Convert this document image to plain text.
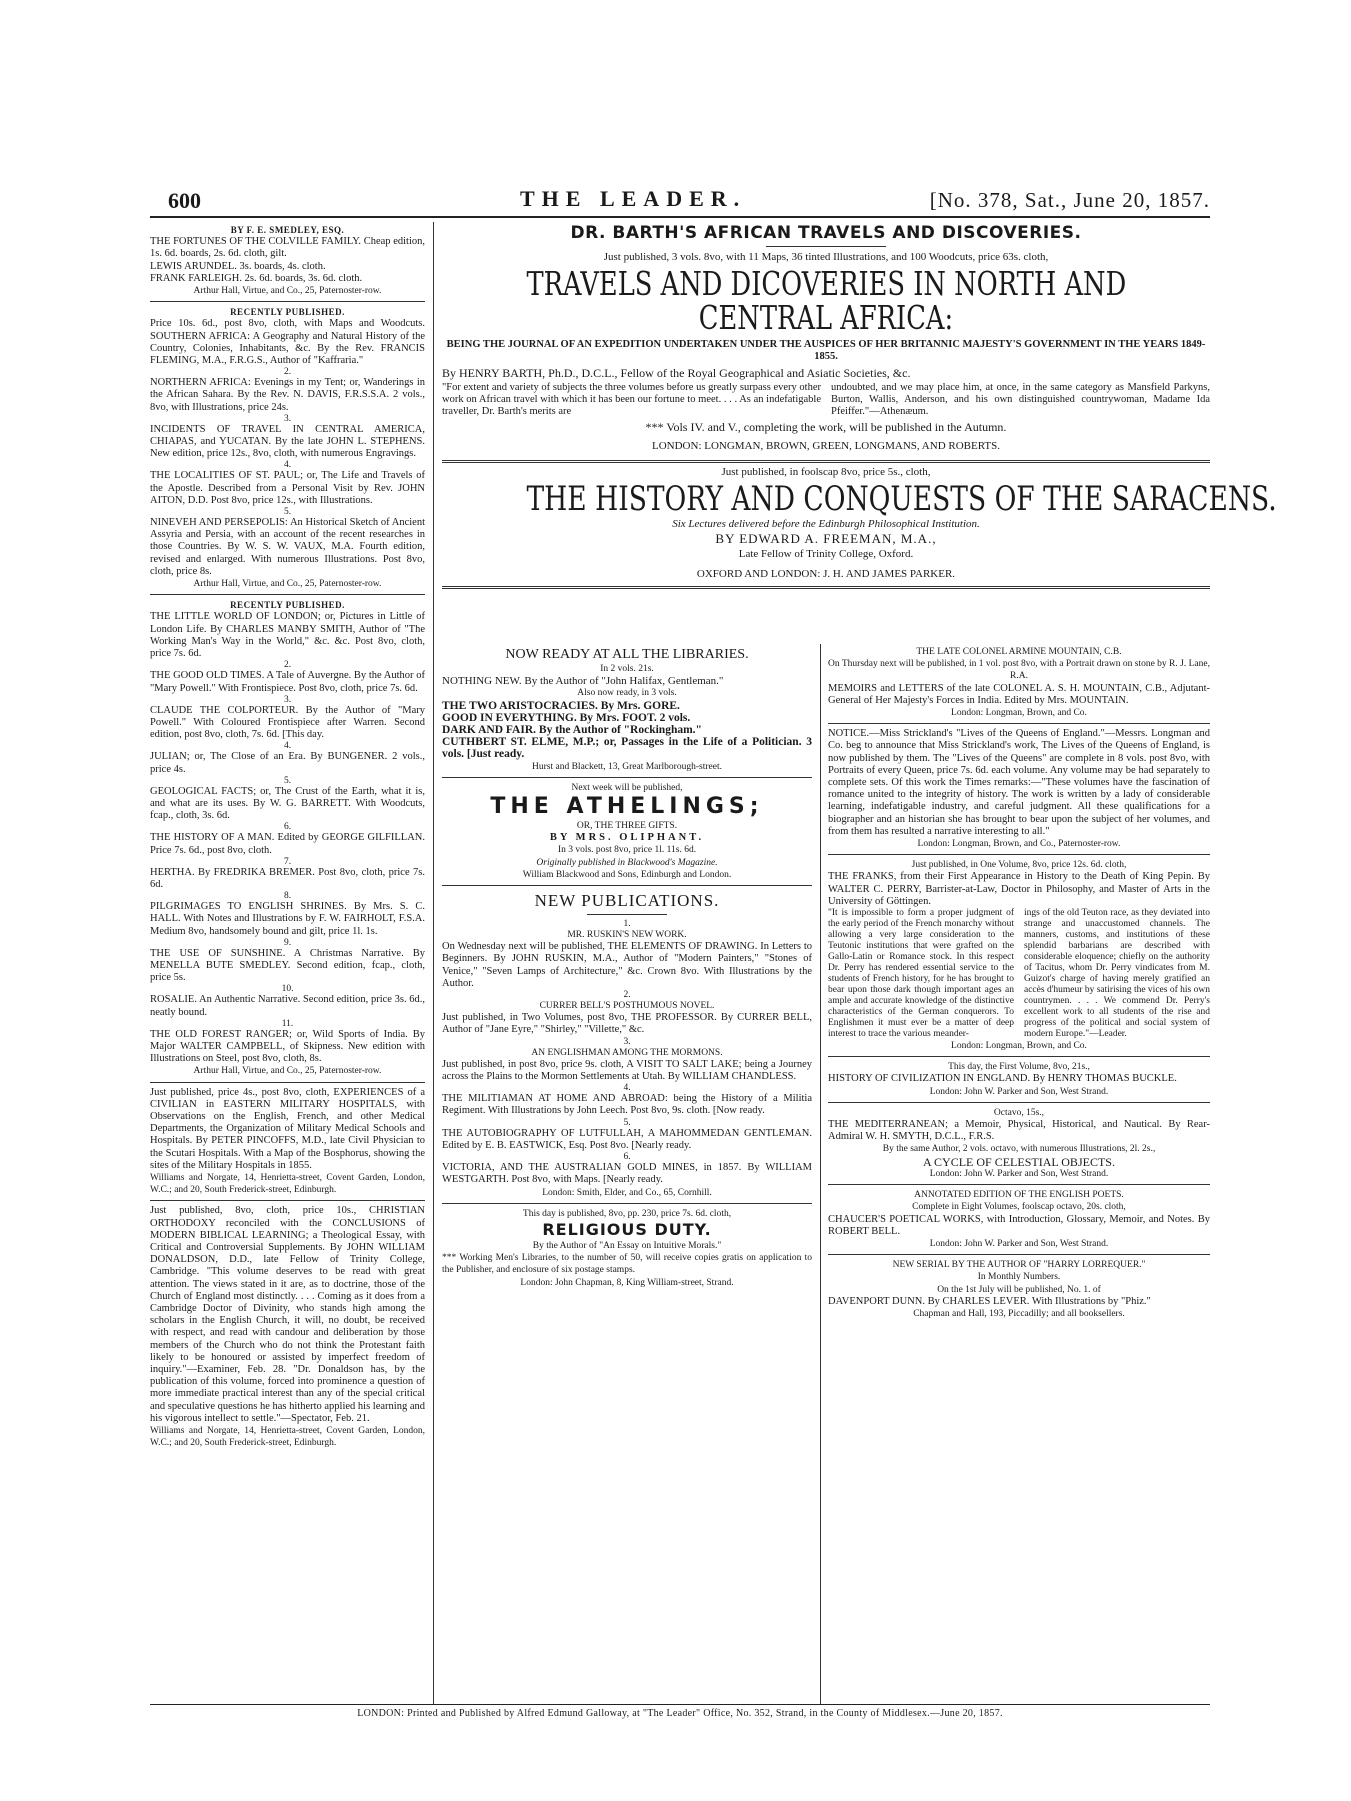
600	THE LEADER.	[No. 378, Sat., June 20, 1857.

BY F. E. SMEDLEY, ESQ.

THE FORTUNES OF THE COLVILLE FAMILY. Cheap edition, 1s. 6d. boards, 2s. 6d. cloth, gilt.

LEWIS ARUNDEL. 3s. boards, 4s. cloth.

FRANK FARLEIGH. 2s. 6d. boards, 3s. 6d. cloth.

Arthur Hall, Virtue, and Co., 25, Paternoster-row.

RECENTLY PUBLISHED.

Price 10s. 6d., post 8vo, cloth, with Maps and Woodcuts. SOUTHERN AFRICA: A Geography and Natural History of the Country, Colonies, Inhabitants, &c. By the Rev. FRANCIS FLEMING, M.A., F.R.G.S., Author of "Kaffraria."

2.

NORTHERN AFRICA: Evenings in my Tent; or, Wanderings in the African Sahara. By the Rev. N. DAVIS, F.R.S.S.A. 2 vols., 8vo, with Illustrations, price 24s.

3.

INCIDENTS OF TRAVEL IN CENTRAL AMERICA, CHIAPAS, and YUCATAN. By the late JOHN L. STEPHENS. New edition, price 12s., 8vo, cloth, with numerous Engravings.

4.

THE LOCALITIES OF ST. PAUL; or, The Life and Travels of the Apostle. Described from a Personal Visit by Rev. JOHN AITON, D.D. Post 8vo, price 12s., with Illustrations.

5.

NINEVEH AND PERSEPOLIS: An Historical Sketch of Ancient Assyria and Persia, with an account of the recent researches in those Countries. By W. S. W. VAUX, M.A. Fourth edition, revised and enlarged. With numerous Illustrations. Post 8vo, cloth, price 8s.

Arthur Hall, Virtue, and Co., 25, Paternoster-row.

RECENTLY PUBLISHED.

THE LITTLE WORLD OF LONDON; or, Pictures in Little of London Life. By CHARLES MANBY SMITH, Author of "The Working Man's Way in the World," &c. &c. Post 8vo, cloth, price 7s. 6d.

2.

THE GOOD OLD TIMES. A Tale of Auvergne. By the Author of "Mary Powell." With Frontispiece. Post 8vo, cloth, price 7s. 6d.

3.

CLAUDE THE COLPORTEUR. By the Author of "Mary Powell." With Coloured Frontispiece after Warren. Second edition, post 8vo, cloth, 7s. 6d. [This day.

4.

JULIAN; or, The Close of an Era. By BUNGENER. 2 vols., price 4s.

5.

GEOLOGICAL FACTS; or, The Crust of the Earth, what it is, and what are its uses. By W. G. BARRETT. With Woodcuts, fcap., cloth, 3s. 6d.

6.

THE HISTORY OF A MAN. Edited by GEORGE GILFILLAN. Price 7s. 6d., post 8vo, cloth.

7.

HERTHA. By FREDRIKA BREMER. Post 8vo, cloth, price 7s. 6d.

8.

PILGRIMAGES TO ENGLISH SHRINES. By Mrs. S. C. HALL. With Notes and Illustrations by F. W. FAIRHOLT, F.S.A. Medium 8vo, handsomely bound and gilt, price 1l. 1s.

9.

THE USE OF SUNSHINE. A Christmas Narrative. By MENELLA BUTE SMEDLEY. Second edition, fcap., cloth, price 5s.

10.

ROSALIE. An Authentic Narrative. Second edition, price 3s. 6d., neatly bound.

11.

THE OLD FOREST RANGER; or, Wild Sports of India. By Major WALTER CAMPBELL, of Skipness. New edition with Illustrations on Steel, post 8vo, cloth, 8s.

Arthur Hall, Virtue, and Co., 25, Paternoster-row.

Just published, price 4s., post 8vo, cloth, EXPERIENCES of a CIVILIAN in EASTERN MILITARY HOSPITALS, with Observations on the English, French, and other Medical Departments, the Organization of Military Medical Schools and Hospitals. By PETER PINCOFFS, M.D., late Civil Physician to the Scutari Hospitals. With a Map of the Bosphorus, showing the sites of the Military Hospitals in 1855.

Williams and Norgate, 14, Henrietta-street, Covent Garden, London, W.C.; and 20, South Frederick-street, Edinburgh.

Just published, 8vo, cloth, price 10s., CHRISTIAN ORTHODOXY reconciled with the CONCLUSIONS of MODERN BIBLICAL LEARNING; a Theological Essay, with Critical and Controversial Supplements. By JOHN WILLIAM DONALDSON, D.D., late Fellow of Trinity College, Cambridge. "This volume deserves to be read with great attention. The views stated in it are, as to doctrine, those of the Church of England most distinctly. . . . Coming as it does from a Cambridge Doctor of Divinity, who stands high among the scholars in the English Church, it will, no doubt, be received with respect, and read with candour and deliberation by those members of the Church who do not think the Protestant faith likely to be honoured or assisted by imperfect freedom of inquiry."—Examiner, Feb. 28. "Dr. Donaldson has, by the publication of this volume, forced into prominence a question of more immediate practical interest than any of the special critical and speculative questions he has hitherto applied his learning and his vigorous intellect to settle."—Spectator, Feb. 21.

Williams and Norgate, 14, Henrietta-street, Covent Garden, London, W.C.; and 20, South Frederick-street, Edinburgh.

DR. BARTH'S AFRICAN TRAVELS AND DISCOVERIES.

Just published, 3 vols. 8vo, with 11 Maps, 36 tinted Illustrations, and 100 Woodcuts, price 63s. cloth,

TRAVELS AND DICOVERIES IN NORTH AND

CENTRAL AFRICA:

BEING THE JOURNAL OF AN EXPEDITION UNDERTAKEN UNDER THE AUSPICES OF HER BRITANNIC MAJESTY'S GOVERNMENT IN THE YEARS 1849-1855.

By HENRY BARTH, Ph.D., D.C.L., Fellow of the Royal Geographical and Asiatic Societies, &c.

"For extent and variety of subjects the three volumes before us greatly surpass every other work on African travel with which it has been our fortune to meet. . . . As an indefatigable traveller, Dr. Barth's merits are
undoubted, and we may place him, at once, in the same category as Mansfield Parkyns, Burton, Wallis, Anderson, and his own distinguished countrywoman, Madame Ida Pfeiffer."—Athenæum.

*** Vols IV. and V., completing the work, will be published in the Autumn.

LONDON: LONGMAN, BROWN, GREEN, LONGMANS, AND ROBERTS.

Just published, in foolscap 8vo, price 5s., cloth,

THE HISTORY AND CONQUESTS OF THE SARACENS.

Six Lectures delivered before the Edinburgh Philosophical Institution.

BY EDWARD A. FREEMAN, M.A.,

Late Fellow of Trinity College, Oxford.

OXFORD AND LONDON: J. H. AND JAMES PARKER.

NOW READY AT ALL THE LIBRARIES.

In 2 vols. 21s.

NOTHING NEW. By the Author of "John Halifax, Gentleman."

Also now ready, in 3 vols.

THE TWO ARISTOCRACIES. By Mrs. GORE.

GOOD IN EVERYTHING. By Mrs. FOOT. 2 vols.

DARK AND FAIR. By the Author of "Rockingham."

CUTHBERT ST. ELME, M.P.; or, Passages in the Life of a Politician. 3 vols. [Just ready.

Hurst and Blackett, 13, Great Marlborough-street.

Next week will be published,

THE ATHELINGS;

OR, THE THREE GIFTS.

BY MRS. OLIPHANT.

In 3 vols. post 8vo, price 1l. 11s. 6d.

Originally published in Blackwood's Magazine.

William Blackwood and Sons, Edinburgh and London.

NEW PUBLICATIONS.

1.

MR. RUSKIN'S NEW WORK.

On Wednesday next will be published, THE ELEMENTS OF DRAWING. In Letters to Beginners. By JOHN RUSKIN, M.A., Author of "Modern Painters," "Stones of Venice," "Seven Lamps of Architecture," &c. Crown 8vo. With Illustrations by the Author.

2.

CURRER BELL'S POSTHUMOUS NOVEL.

Just published, in Two Volumes, post 8vo, THE PROFESSOR. By CURRER BELL, Author of "Jane Eyre," "Shirley," "Villette," &c.

3.

AN ENGLISHMAN AMONG THE MORMONS.

Just published, in post 8vo, price 9s. cloth, A VISIT TO SALT LAKE; being a Journey across the Plains to the Mormon Settlements at Utah. By WILLIAM CHANDLESS.

4.

THE MILITIAMAN AT HOME AND ABROAD: being the History of a Militia Regiment. With Illustrations by John Leech. Post 8vo, 9s. cloth. [Now ready.

5.

THE AUTOBIOGRAPHY OF LUTFULLAH, A MAHOMMEDAN GENTLEMAN. Edited by E. B. EASTWICK, Esq. Post 8vo. [Nearly ready.

6.

VICTORIA, AND THE AUSTRALIAN GOLD MINES, in 1857. By WILLIAM WESTGARTH. Post 8vo, with Maps. [Nearly ready.

London: Smith, Elder, and Co., 65, Cornhill.

This day is published, 8vo, pp. 230, price 7s. 6d. cloth,

RELIGIOUS DUTY.

By the Author of "An Essay on Intuitive Morals."

*** Working Men's Libraries, to the number of 50, will receive copies gratis on application to the Publisher, and enclosure of six postage stamps.

London: John Chapman, 8, King William-street, Strand.

THE LATE COLONEL ARMINE MOUNTAIN, C.B.

On Thursday next will be published, in 1 vol. post 8vo, with a Portrait drawn on stone by R. J. Lane, R.A.

MEMOIRS and LETTERS of the late COLONEL A. S. H. MOUNTAIN, C.B., Adjutant-General of Her Majesty's Forces in India. Edited by Mrs. MOUNTAIN.

London: Longman, Brown, and Co.

NOTICE.—Miss Strickland's "Lives of the Queens of England."—Messrs. Longman and Co. beg to announce that Miss Strickland's work, The Lives of the Queens of England, is now published by them. The "Lives of the Queens" are complete in 8 vols. post 8vo, with Portraits of every Queen, price 7s. 6d. each volume. Any volume may be had separately to complete sets. Of this work the Times remarks:—"These volumes have the fascination of romance united to the integrity of history. The work is written by a lady of considerable learning, indefatigable industry, and careful judgment. All these qualifications for a biographer and an historian she has brought to bear upon the subject of her volumes, and from them has resulted a narrative interesting to all."

London: Longman, Brown, and Co., Paternoster-row.

Just published, in One Volume, 8vo, price 12s. 6d. cloth,

THE FRANKS, from their First Appearance in History to the Death of King Pepin. By WALTER C. PERRY, Barrister-at-Law, Doctor in Philosophy, and Master of Arts in the University of Göttingen.

"It is impossible to form a proper judgment of the early period of the French monarchy without allowing a very large consideration to the Teutonic institutions that were grafted on the Gallo-Latin or Romance stock. In this respect Dr. Perry has rendered essential service to the students of French history, for he has brought to bear upon those dark though important ages an ample and accurate knowledge of the distinctive characteristics of the German conquerors. To Englishmen it must ever be a matter of deep interest to trace the various meander-
ings of the old Teuton race, as they deviated into strange and unaccustomed channels. The manners, customs, and institutions of these splendid barbarians are described with considerable eloquence; chiefly on the authority of Tacitus, whom Dr. Perry vindicates from M. Guizot's charge of having merely gratified an accès d'humeur by satirising the vices of his own countrymen. . . . We commend Dr. Perry's excellent work to all students of the rise and progress of the political and social system of modern Europe."—Leader.

London: Longman, Brown, and Co.

This day, the First Volume, 8vo, 21s.,

HISTORY OF CIVILIZATION IN ENGLAND. By HENRY THOMAS BUCKLE.

London: John W. Parker and Son, West Strand.

Octavo, 15s.,

THE MEDITERRANEAN; a Memoir, Physical, Historical, and Nautical. By Rear-Admiral W. H. SMYTH, D.C.L., F.R.S.

By the same Author, 2 vols. octavo, with numerous Illustrations, 2l. 2s.,

A CYCLE OF CELESTIAL OBJECTS.

London: John W. Parker and Son, West Strand.

ANNOTATED EDITION OF THE ENGLISH POETS.

Complete in Eight Volumes, foolscap octavo, 20s. cloth,

CHAUCER'S POETICAL WORKS, with Introduction, Glossary, Memoir, and Notes. By ROBERT BELL.

London: John W. Parker and Son, West Strand.

NEW SERIAL BY THE AUTHOR OF "HARRY LORREQUER."

In Monthly Numbers.

On the 1st July will be published, No. 1. of

DAVENPORT DUNN. By CHARLES LEVER. With Illustrations by "Phiz."

Chapman and Hall, 193, Piccadilly; and all booksellers.

LONDON: Printed and Published by Alfred Edmund Galloway, at "The Leader" Office, No. 352, Strand, in the County of Middlesex.—June 20, 1857.
